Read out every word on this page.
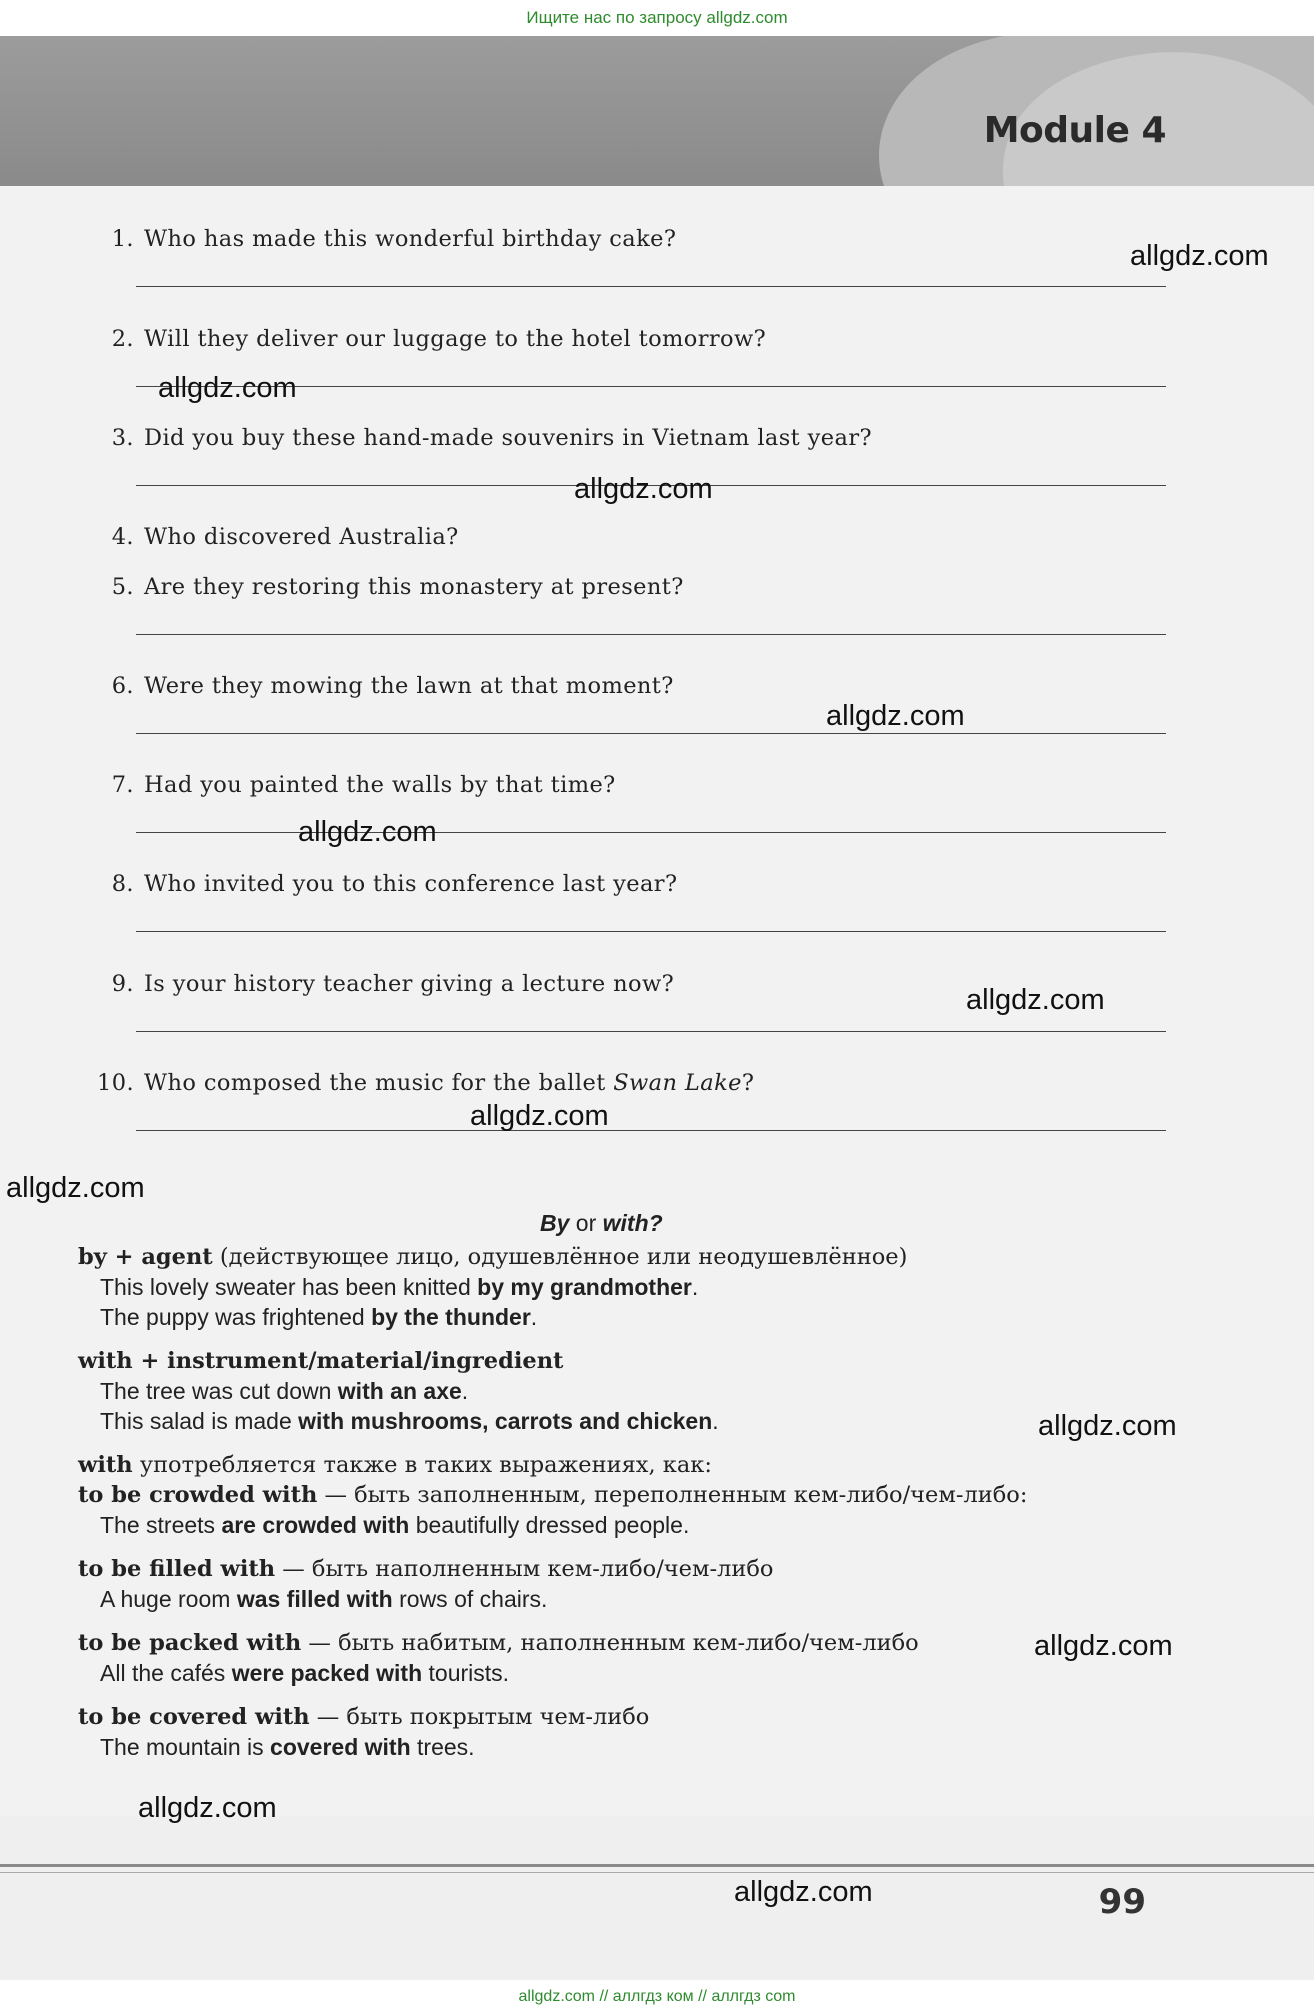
Ищите нас по запросу allgdz.com
Module 4
1. Who has made this wonderful birthday cake?
2. Will they deliver our luggage to the hotel tomorrow?
3. Did you buy these hand-made souvenirs in Vietnam last year?
4. Who discovered Australia?
5. Are they restoring this monastery at present?
6. Were they mowing the lawn at that moment?
7. Had you painted the walls by that time?
8. Who invited you to this conference last year?
9. Is your history teacher giving a lecture now?
10. Who composed the music for the ballet Swan Lake?
By or with?
by + agent (действующее лицо, одушевлённое или неодушевлённое)
This lovely sweater has been knitted by my grandmother.
The puppy was frightened by the thunder.
with + instrument/material/ingredient
The tree was cut down with an axe.
This salad is made with mushrooms, carrots and chicken.
with употребляется также в таких выражениях, как:
to be crowded with — быть заполненным, переполненным кем-либо/чем-либо:
The streets are crowded with beautifully dressed people.
to be filled with — быть наполненным кем-либо/чем-либо
A huge room was filled with rows of chairs.
to be packed with — быть набитым, наполненным кем-либо/чем-либо
All the cafés were packed with tourists.
to be covered with — быть покрытым чем-либо
The mountain is covered with trees.
allgdz.com
allgdz.com
allgdz.com
allgdz.com
allgdz.com
allgdz.com
allgdz.com
allgdz.com
allgdz.com
allgdz.com
allgdz.com
allgdz.com	99
allgdz.com // аллгдз ком // аллгдз com
